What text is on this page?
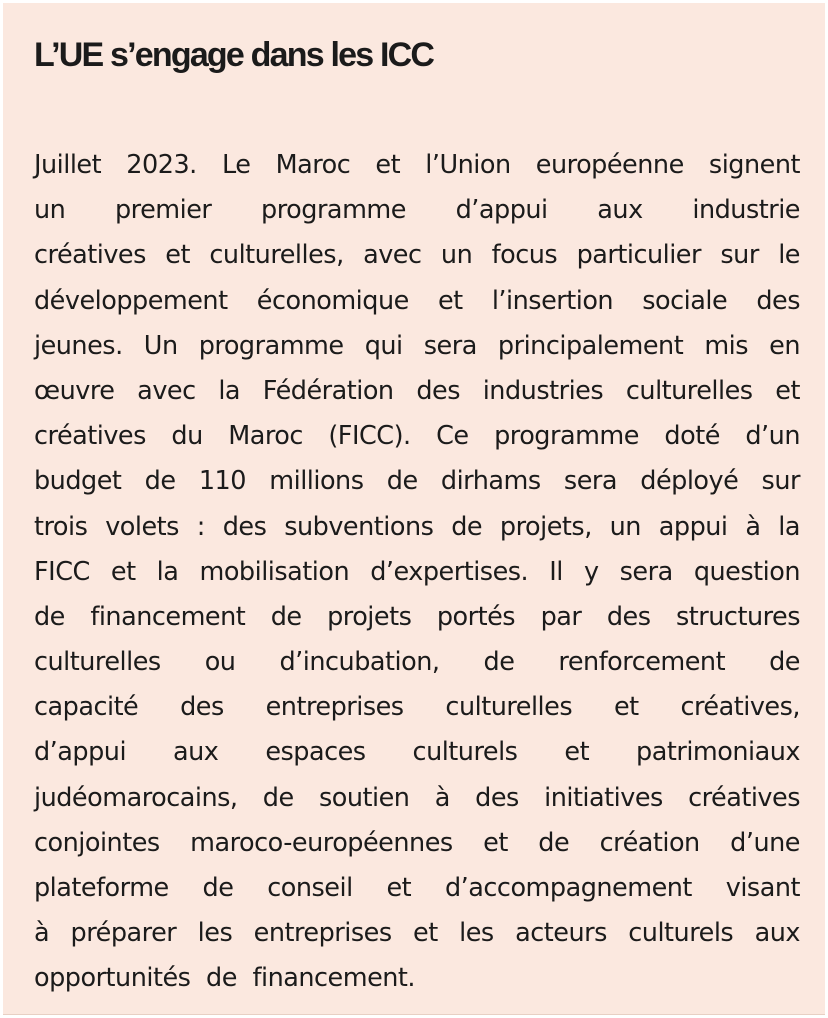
L’UE s’engage dans les ICC
Juillet 2023. Le Maroc et l’Union européenne signent
un premier programme d’appui aux industrie
créatives et culturelles, avec un focus particulier sur le
développement économique et l’insertion sociale des
jeunes. Un programme qui sera principalement mis en
œuvre avec la Fédération des industries culturelles et
créatives du Maroc (FICC). Ce programme doté d’un
budget de 110 millions de dirhams sera déployé sur
trois volets : des subventions de projets, un appui à la
FICC et la mobilisation d’expertises. Il y sera question
de financement de projets portés par des structures
culturelles ou d’incubation, de renforcement de
capacité des entreprises culturelles et créatives,
d’appui aux espaces culturels et patrimoniaux
judéomarocains, de soutien à des initiatives créatives
conjointes maroco-européennes et de création d’une
plateforme de conseil et d’accompagnement visant
à préparer les entreprises et les acteurs culturels aux
opportunités de financement.
